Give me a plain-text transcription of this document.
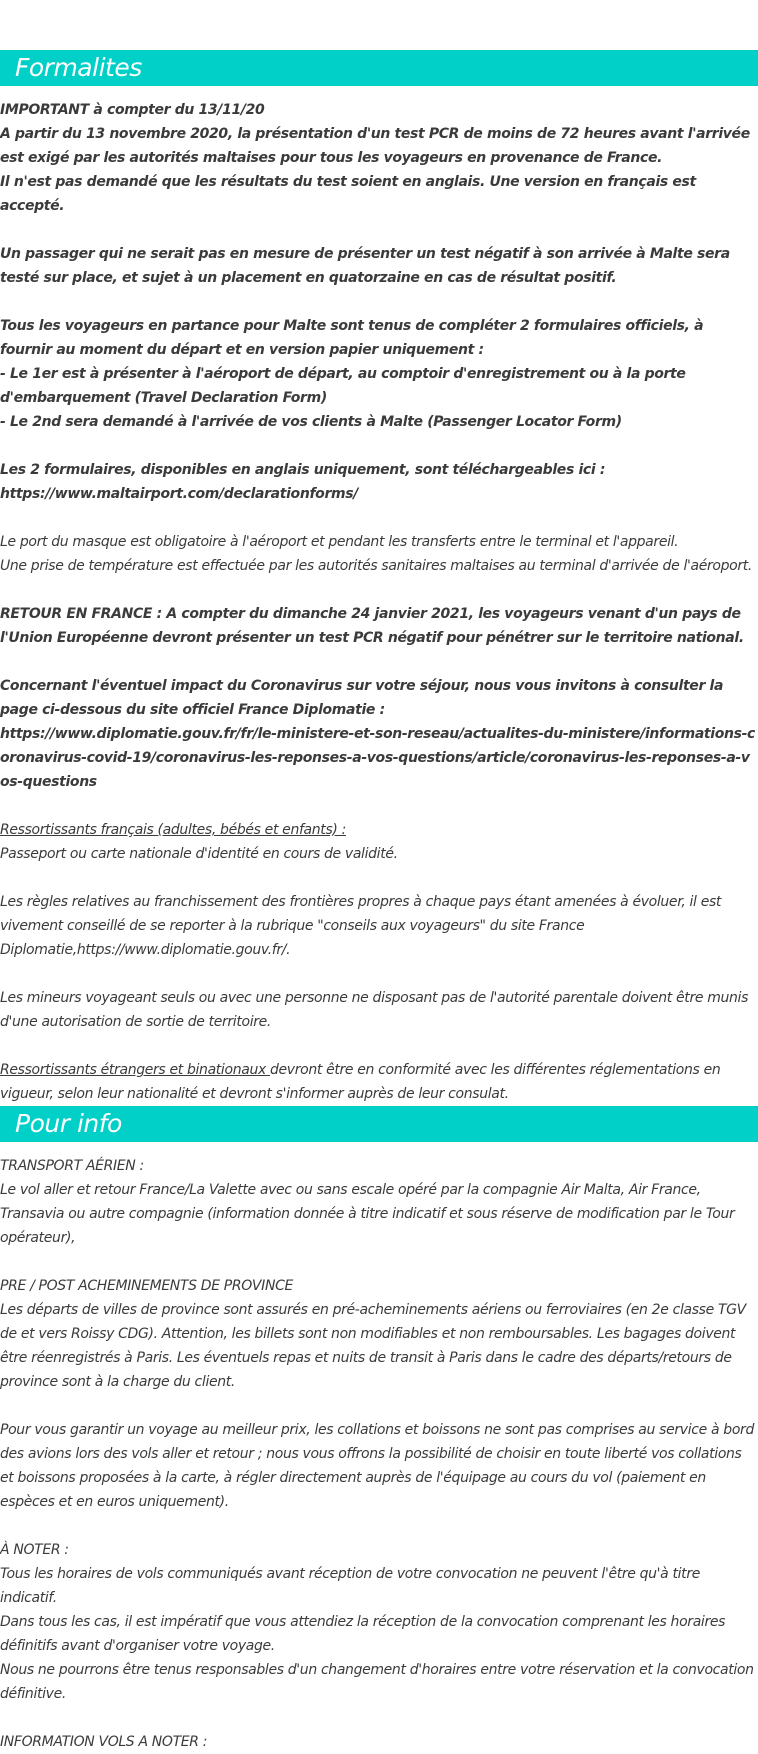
Formalites

IMPORTANT à compter du 13/11/20

A partir du 13 novembre 2020, la présentation d'un test PCR de moins de 72 heures avant l'arrivée est exigé par les autorités maltaises pour tous les voyageurs en provenance de France.

Il n'est pas demandé que les résultats du test soient en anglais. Une version en français est accepté.

Un passager qui ne serait pas en mesure de présenter un test négatif à son arrivée à Malte sera testé sur place, et sujet à un placement en quatorzaine en cas de résultat positif.

Tous les voyageurs en partance pour Malte sont tenus de compléter 2 formulaires officiels, à fournir au moment du départ et en version papier uniquement :

- Le 1er est à présenter à l'aéroport de départ, au comptoir d'enregistrement ou à la porte d'embarquement (Travel Declaration Form)

- Le 2nd sera demandé à l'arrivée de vos clients à Malte (Passenger Locator Form)

Les 2 formulaires, disponibles en anglais uniquement, sont téléchargeables ici :

https://www.maltairport.com/declarationforms/

Le port du masque est obligatoire à l'aéroport et pendant les transferts entre le terminal et l'appareil.

Une prise de température est effectuée par les autorités sanitaires maltaises au terminal d'arrivée de l'aéroport.

RETOUR EN FRANCE : A compter du dimanche 24 janvier 2021, les voyageurs venant d'un pays de l'Union Européenne devront présenter un test PCR négatif pour pénétrer sur le territoire national.

Concernant l'éventuel impact du Coronavirus sur votre séjour, nous vous invitons à consulter la page ci-dessous du site officiel France Diplomatie :

https://www.diplomatie.gouv.fr/fr/le-ministere-et-son-reseau/actualites-du-ministere/informations-coronavirus-covid-19/coronavirus-les-reponses-a-vos-questions/article/coronavirus-les-reponses-a-vos-questions

Ressortissants français (adultes, bébés et enfants) :

Passeport ou carte nationale d'identité en cours de validité.

Les règles relatives au franchissement des frontières propres à chaque pays étant amenées à évoluer, il est vivement conseillé de se reporter à la rubrique "conseils aux voyageurs" du site France Diplomatie,https://www.diplomatie.gouv.fr/.

Les mineurs voyageant seuls ou avec une personne ne disposant pas de l'autorité parentale doivent être munis d'une autorisation de sortie de territoire.

Ressortissants étrangers et binationaux devront être en conformité avec les différentes réglementations en vigueur, selon leur nationalité et devront s'informer auprès de leur consulat.

Pour info

TRANSPORT AÉRIEN :

Le vol aller et retour France/La Valette avec ou sans escale opéré par la compagnie Air Malta, Air France, Transavia ou autre compagnie (information donnée à titre indicatif et sous réserve de modification par le Tour opérateur),

PRE / POST ACHEMINEMENTS DE PROVINCE

Les départs de villes de province sont assurés en pré-acheminements aériens ou ferroviaires (en 2e classe TGV de et vers Roissy CDG). Attention, les billets sont non modifiables et non remboursables. Les bagages doivent être réenregistrés à Paris. Les éventuels repas et nuits de transit à Paris dans le cadre des départs/retours de province sont à la charge du client.

Pour vous garantir un voyage au meilleur prix, les collations et boissons ne sont pas comprises au service à bord des avions lors des vols aller et retour ; nous vous offrons la possibilité de choisir en toute liberté vos collations et boissons proposées à la carte, à régler directement auprès de l'équipage au cours du vol (paiement en espèces et en euros uniquement).

À NOTER :

Tous les horaires de vols communiqués avant réception de votre convocation ne peuvent l'être qu'à titre indicatif.

Dans tous les cas, il est impératif que vous attendiez la réception de la convocation comprenant les horaires définitifs avant d'organiser votre voyage.

Nous ne pourrons être tenus responsables d'un changement d'horaires entre votre réservation et la convocation définitive.

INFORMATION VOLS A NOTER :
